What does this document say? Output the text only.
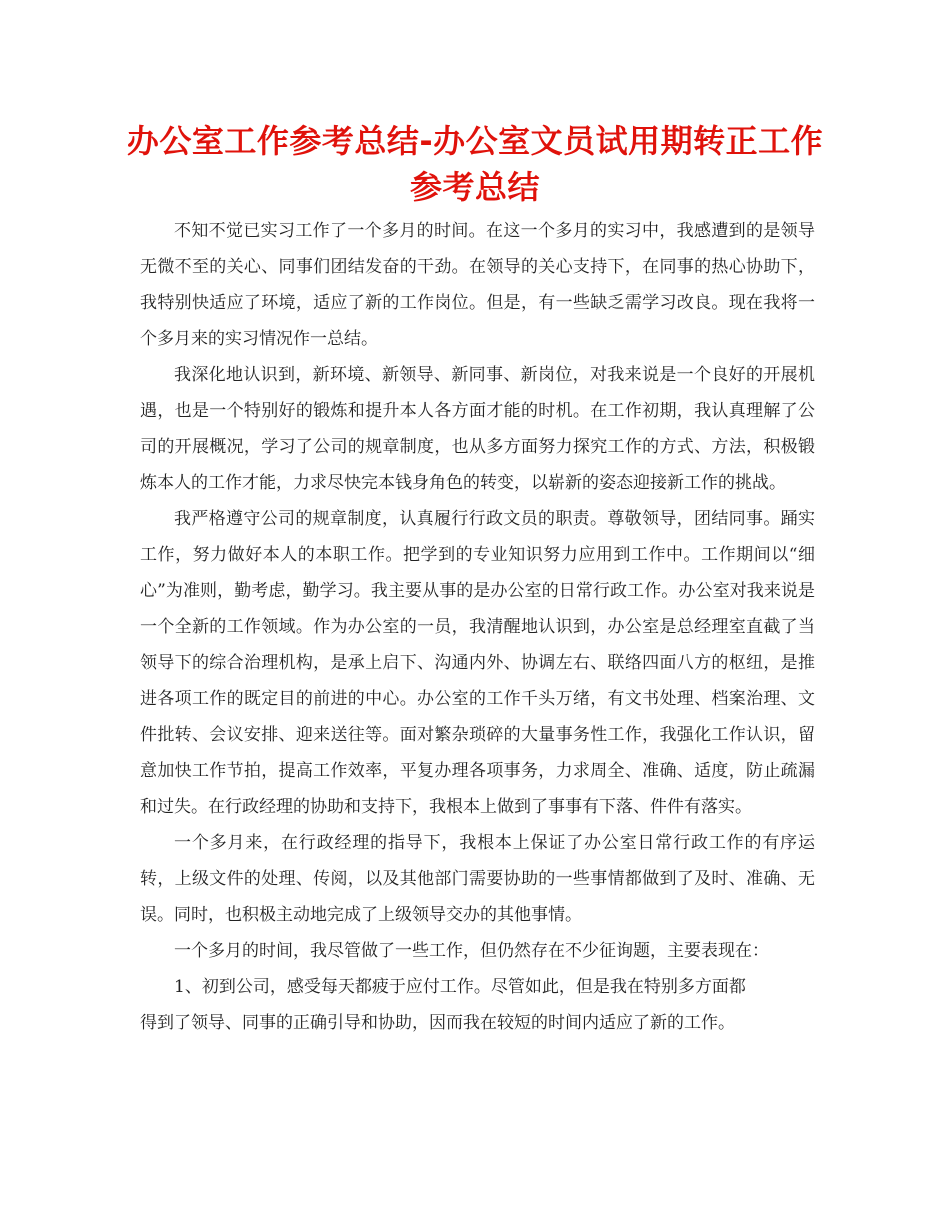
办公室工作参考总结-办公室文员试用期转正工作参考总结

不知不觉已实习工作了一个多月的时间。在这一个多月的实习中，我感遭到的是领导无微不至的关心、同事们团结发奋的干劲。在领导的关心支持下，在同事的热心协助下，我特别快适应了环境，适应了新的工作岗位。但是，有一些缺乏需学习改良。现在我将一个多月来的实习情况作一总结。

我深化地认识到，新环境、新领导、新同事、新岗位，对我来说是一个良好的开展机遇，也是一个特别好的锻炼和提升本人各方面才能的时机。在工作初期，我认真理解了公司的开展概况，学习了公司的规章制度，也从多方面努力探究工作的方式、方法，积极锻炼本人的工作才能，力求尽快完本钱身角色的转变，以崭新的姿态迎接新工作的挑战。

我严格遵守公司的规章制度，认真履行行政文员的职责。尊敬领导，团结同事。踊实工作，努力做好本人的本职工作。把学到的专业知识努力应用到工作中。工作期间以“细心”为准则，勤考虑，勤学习。我主要从事的是办公室的日常行政工作。办公室对我来说是一个全新的工作领域。作为办公室的一员，我清醒地认识到，办公室是总经理室直截了当领导下的综合治理机构，是承上启下、沟通内外、协调左右、联络四面八方的枢纽，是推进各项工作的既定目的前进的中心。办公室的工作千头万绪，有文书处理、档案治理、文件批转、会议安排、迎来送往等。面对繁杂琐碎的大量事务性工作，我强化工作认识，留意加快工作节拍，提高工作效率，平复办理各项事务，力求周全、准确、适度，防止疏漏和过失。在行政经理的协助和支持下，我根本上做到了事事有下落、件件有落实。

一个多月来，在行政经理的指导下，我根本上保证了办公室日常行政工作的有序运转，上级文件的处理、传阅，以及其他部门需要协助的一些事情都做到了及时、准确、无误。同时，也积极主动地完成了上级领导交办的其他事情。

一个多月的时间，我尽管做了一些工作，但仍然存在不少征询题，主要表现在：

1、初到公司，感受每天都疲于应付工作。尽管如此，但是我在特别多方面都

得到了领导、同事的正确引导和协助，因而我在较短的时间内适应了新的工作。
